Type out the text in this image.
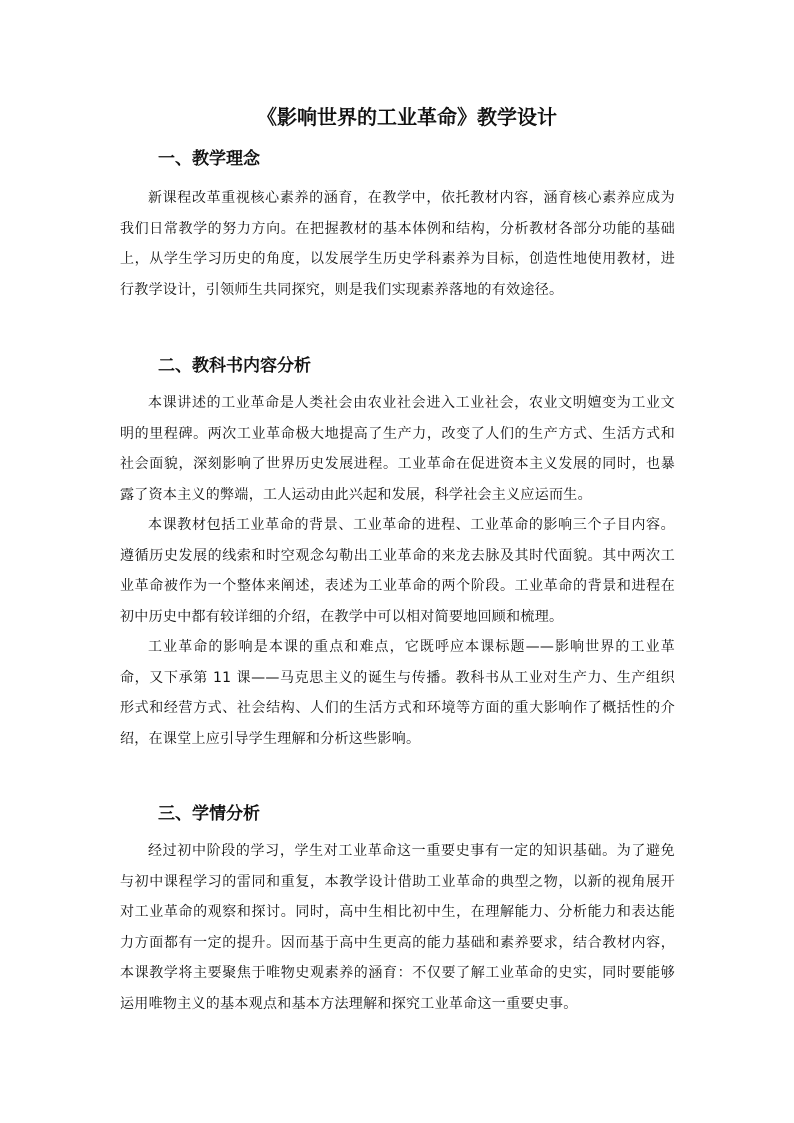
《影响世界的工业革命》教学设计
一、教学理念

新课程改革重视核心素养的涵育，在教学中，依托教材内容，涵育核心素养应成为我们日常教学的努力方向。在把握教材的基本体例和结构，分析教材各部分功能的基础上，从学生学习历史的角度，以发展学生历史学科素养为目标，创造性地使用教材，进行教学设计，引领师生共同探究，则是我们实现素养落地的有效途径。

二、教科书内容分析

本课讲述的工业革命是人类社会由农业社会进入工业社会，农业文明嬗变为工业文明的里程碑。两次工业革命极大地提高了生产力，改变了人们的生产方式、生活方式和社会面貌，深刻影响了世界历史发展进程。工业革命在促进资本主义发展的同时，也暴露了资本主义的弊端，工人运动由此兴起和发展，科学社会主义应运而生。

本课教材包括工业革命的背景、工业革命的进程、工业革命的影响三个子目内容。遵循历史发展的线索和时空观念勾勒出工业革命的来龙去脉及其时代面貌。其中两次工业革命被作为一个整体来阐述，表述为工业革命的两个阶段。工业革命的背景和进程在初中历史中都有较详细的介绍，在教学中可以相对简要地回顾和梳理。

工业革命的影响是本课的重点和难点，它既呼应本课标题——影响世界的工业革命，又下承第 11 课——马克思主义的诞生与传播。教科书从工业对生产力、生产组织形式和经营方式、社会结构、人们的生活方式和环境等方面的重大影响作了概括性的介绍，在课堂上应引导学生理解和分析这些影响。

三、学情分析

经过初中阶段的学习，学生对工业革命这一重要史事有一定的知识基础。为了避免与初中课程学习的雷同和重复，本教学设计借助工业革命的典型之物，以新的视角展开对工业革命的观察和探讨。同时，高中生相比初中生，在理解能力、分析能力和表达能力方面都有一定的提升。因而基于高中生更高的能力基础和素养要求，结合教材内容，本课教学将主要聚焦于唯物史观素养的涵育：不仅要了解工业革命的史实，同时要能够运用唯物主义的基本观点和基本方法理解和探究工业革命这一重要史事。
